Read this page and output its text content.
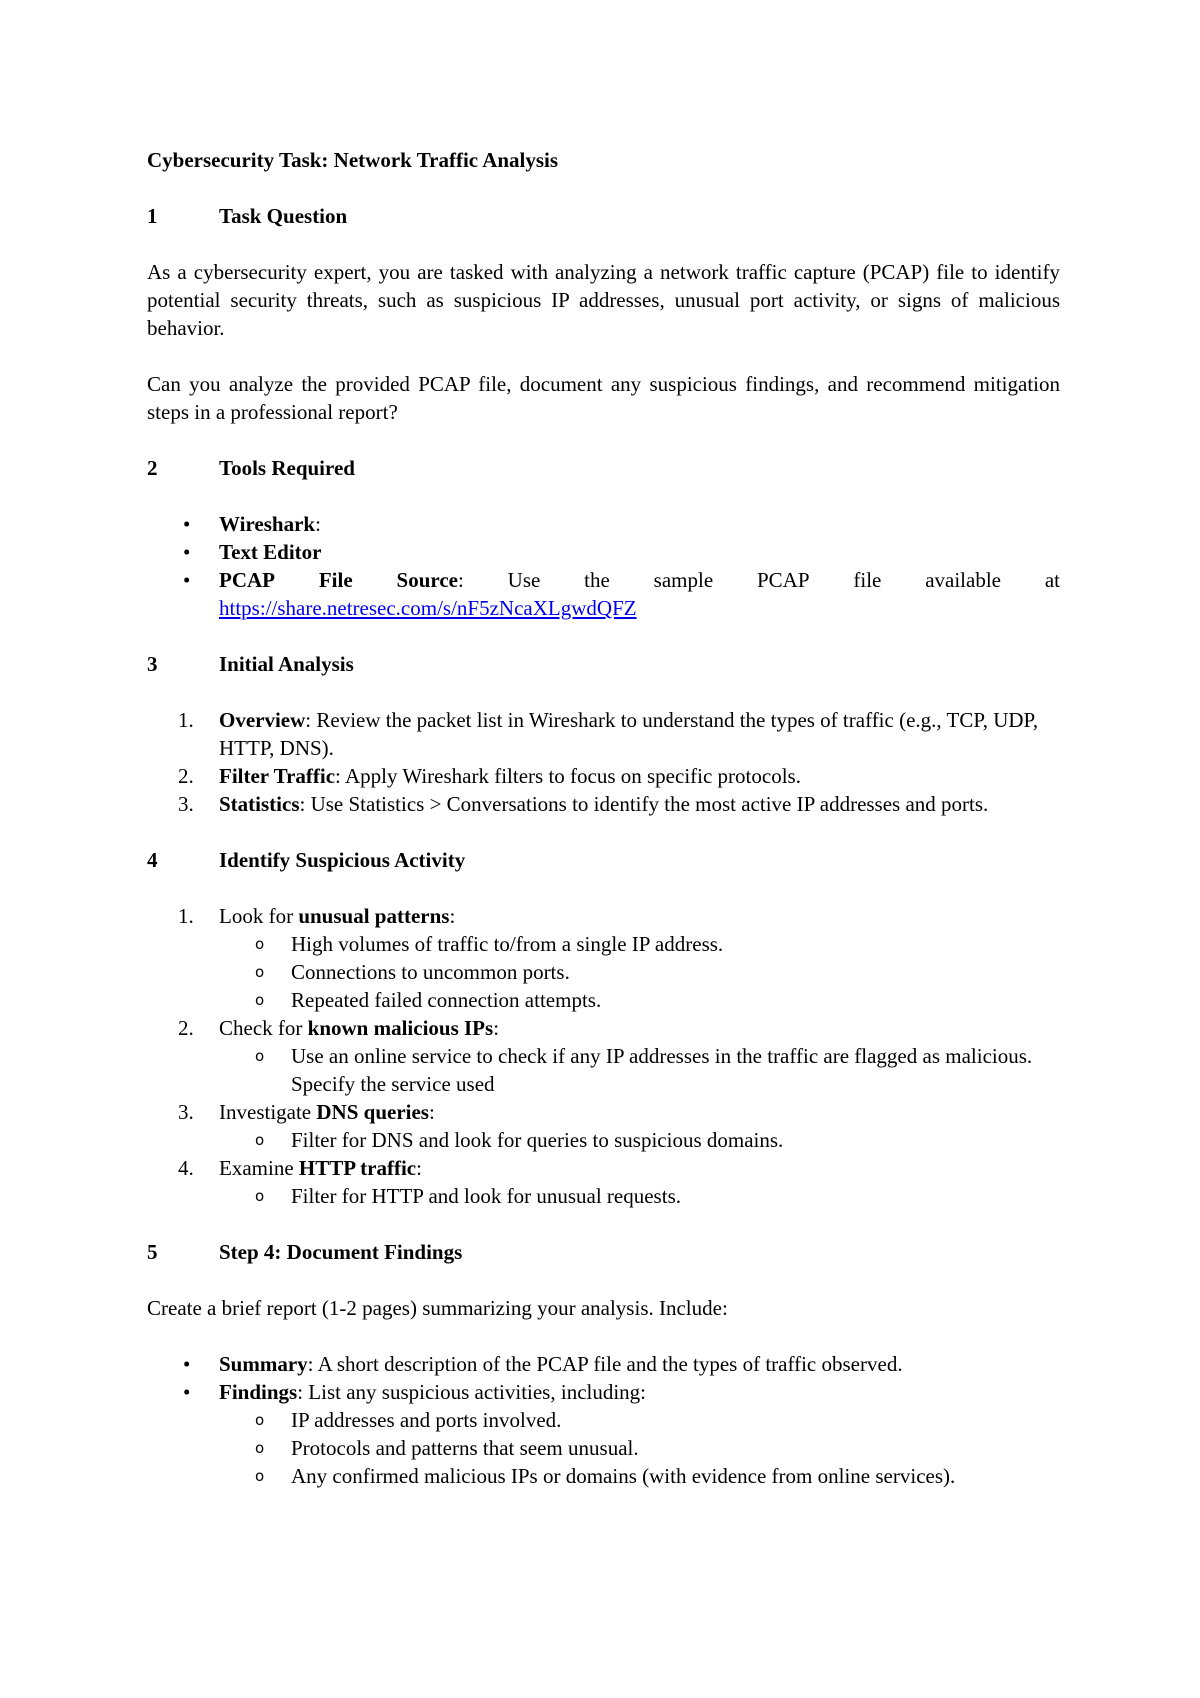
Cybersecurity Task: Network Traffic Analysis
1	Task Question

As a cybersecurity expert, you are tasked with analyzing a network traffic capture (PCAP) file to identify potential security threats, such as suspicious IP addresses, unusual port activity, or signs of malicious behavior.

Can you analyze the provided PCAP file, document any suspicious findings, and recommend mitigation steps in a professional report?

2	Tools Required
•	Wireshark:
•	Text Editor
•	PCAP File Source: Use the sample PCAP file available at
https://share.netresec.com/s/nF5zNcaXLgwdQFZ
3	Initial Analysis
1.	Overview: Review the packet list in Wireshark to understand the types of traffic (e.g., TCP, UDP, HTTP, DNS).
2.	Filter Traffic: Apply Wireshark filters to focus on specific protocols.
3.	Statistics: Use Statistics > Conversations to identify the most active IP addresses and ports.
4	Identify Suspicious Activity
1.	Look for unusual patterns:
o	High volumes of traffic to/from a single IP address.
o	Connections to uncommon ports.
o	Repeated failed connection attempts.
2.	Check for known malicious IPs:
o	Use an online service to check if any IP addresses in the traffic are flagged as malicious. Specify the service used
3.	Investigate DNS queries:
o	Filter for DNS and look for queries to suspicious domains.
4.	Examine HTTP traffic:
o	Filter for HTTP and look for unusual requests.
5	Step 4: Document Findings

Create a brief report (1-2 pages) summarizing your analysis. Include:

•	Summary: A short description of the PCAP file and the types of traffic observed.
•	Findings: List any suspicious activities, including:
o	IP addresses and ports involved.
o	Protocols and patterns that seem unusual.
o	Any confirmed malicious IPs or domains (with evidence from online services).
